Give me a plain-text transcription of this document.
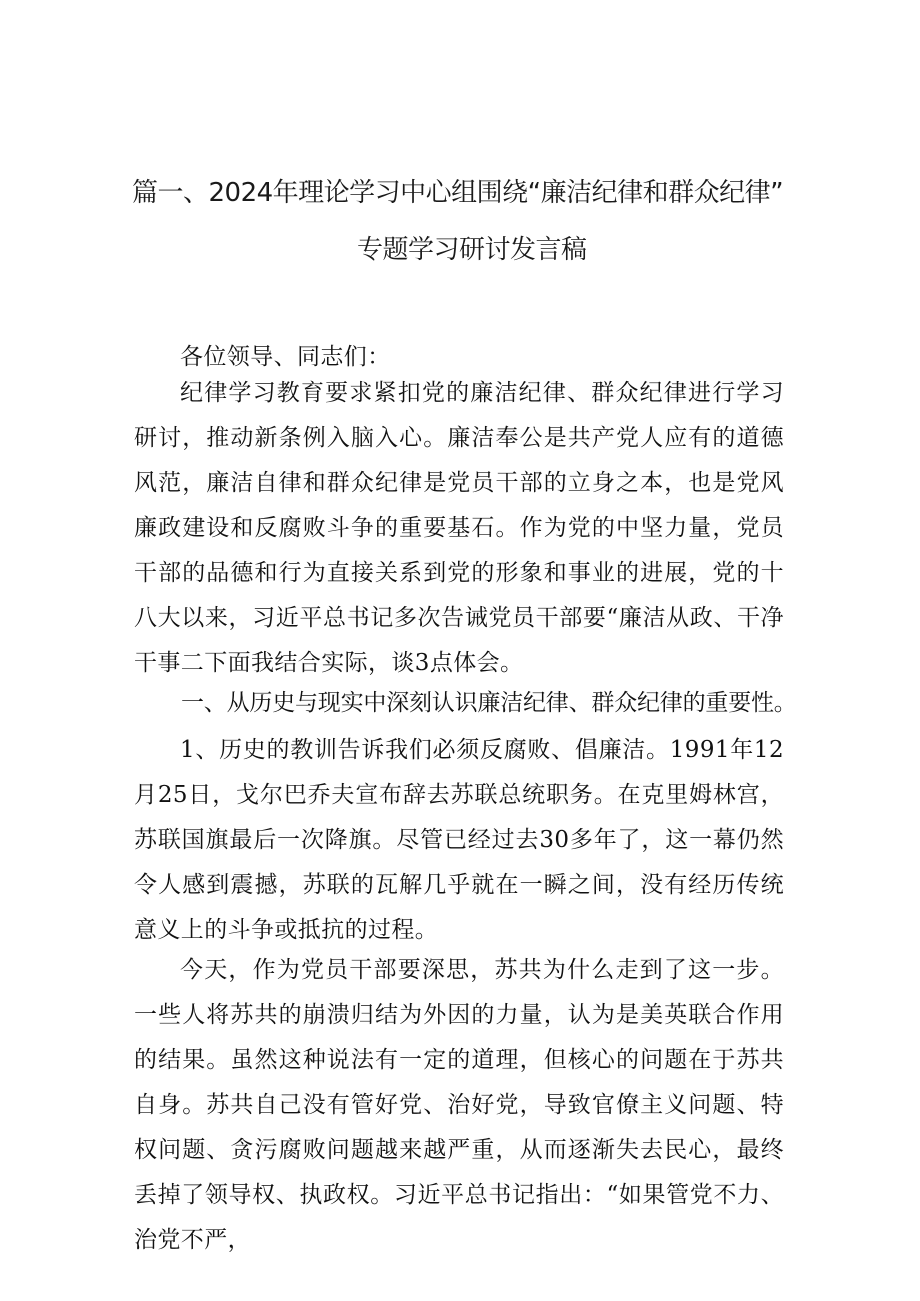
篇一、2024年理论学习中心组围绕“廉洁纪律和群众纪律”
专题学习研讨发言稿
各位领导、同志们：
纪律学习教育要求紧扣党的廉洁纪律、群众纪律进行学习研讨，推动新条例入脑入心。廉洁奉公是共产党人应有的道德风范，廉洁自律和群众纪律是党员干部的立身之本，也是党风廉政建设和反腐败斗争的重要基石。作为党的中坚力量，党员干部的品德和行为直接关系到党的形象和事业的进展，党的十八大以来，习近平总书记多次告诫党员干部要“廉洁从政、干净干事二下面我结合实际，谈3点体会。
一、从历史与现实中深刻认识廉洁纪律、群众纪律的重要性。
1、历史的教训告诉我们必须反腐败、倡廉洁。1991年12月25日，戈尔巴乔夫宣布辞去苏联总统职务。在克里姆林宫，苏联国旗最后一次降旗。尽管已经过去30多年了，这一幕仍然令人感到震撼，苏联的瓦解几乎就在一瞬之间，没有经历传统意义上的斗争或抵抗的过程。
今天，作为党员干部要深思，苏共为什么走到了这一步。一些人将苏共的崩溃归结为外因的力量，认为是美英联合作用的结果。虽然这种说法有一定的道理，但核心的问题在于苏共自身。苏共自己没有管好党、治好党，导致官僚主义问题、特权问题、贪污腐败问题越来越严重，从而逐渐失去民心，最终丢掉了领导权、执政权。习近平总书记指出：“如果管党不力、治党不严，
